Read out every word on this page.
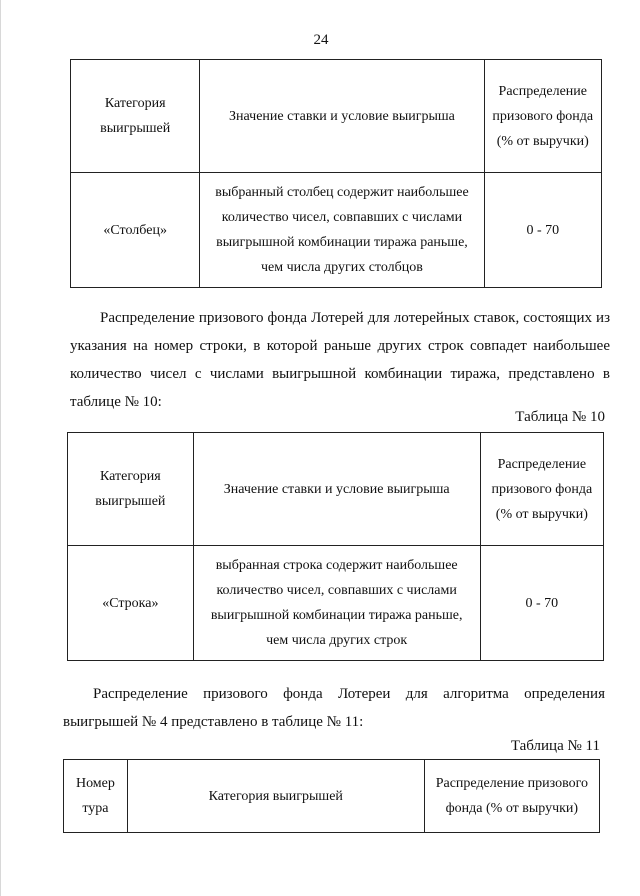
24
Категория выигрышей	Значение ставки и условие выигрыша	Распределение призового фонда (% от выручки)
«Столбец»	выбранный столбец содержит наибольшее количество чисел, совпавших с числами выигрышной комбинации тиража раньше, чем числа других столбцов	0 - 70

Распределение призового фонда Лотерей для лотерейных ставок, состоящих из указания на номер строки, в которой раньше других строк совпадет наибольшее количество чисел с числами выигрышной комбинации тиража, представлено в таблице № 10:

Таблица № 10
Категория выигрышей	Значение ставки и условие выигрыша	Распределение призового фонда (% от выручки)
«Строка»	выбранная строка содержит наибольшее количество чисел, совпавших с числами выигрышной комбинации тиража раньше, чем числа других строк	0 - 70

Распределение призового фонда Лотереи для алгоритма определения выигрышей № 4 представлено в таблице № 11:

Таблица № 11
Номер тура	Категория выигрышей	Распределение призового фонда (% от выручки)
